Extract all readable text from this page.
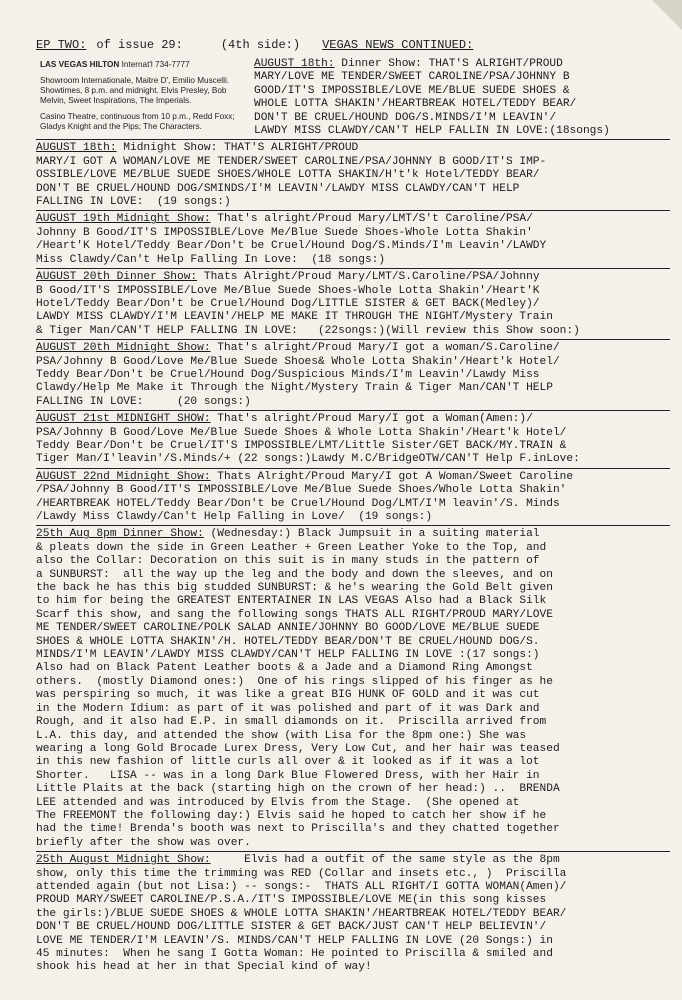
EP TWO: of issue 29:	(4th side:) VEGAS NEWS CONTINUED:

LAS VEGAS HILTON Internat'l 734-7777

Showroom Internationale, Maitre D', Emilio Muscelli. Showtimes, 8 p.m. and midnight. Elvis Presley, Bob Melvin, Sweet Inspirations, The Imperials.

Casino Theatre, continuous from 10 p.m., Redd Foxx; Gladys Knight and the Pips; The Characters.

AUGUST 18th: Dinner Show: THAT'S ALRIGHT/PROUD
MARY/LOVE ME TENDER/SWEET CAROLINE/PSA/JOHNNY B
GOOD/IT'S IMPOSSIBLE/LOVE ME/BLUE SUEDE SHOES &
WHOLE LOTTA SHAKIN'/HEARTBREAK HOTEL/TEDDY BEAR/
DON'T BE CRUEL/HOUND DOG/S.MINDS/I'M LEAVIN'/
LAWDY MISS CLAWDY/CAN'T HELP FALLIN IN LOVE:(18songs)
AUGUST 18th: Midnight Show: THAT'S ALRIGHT/PROUD
MARY/I GOT A WOMAN/LOVE ME TENDER/SWEET CAROLINE/PSA/JOHNNY B GOOD/IT'S IMP-
OSSIBLE/LOVE ME/BLUE SUEDE SHOES/WHOLE LOTTA SHAKIN/H't'k Hotel/TEDDY BEAR/
DON'T BE CRUEL/HOUND DOG/SMINDS/I'M LEAVIN'/LAWDY MISS CLAWDY/CAN'T HELP
FALLING IN LOVE:  (19 songs:)
AUGUST 19th Midnight Show: That's alright/Proud Mary/LMT/S't Caroline/PSA/
Johnny B Good/IT'S IMPOSSIBLE/Love Me/Blue Suede Shoes-Whole Lotta Shakin'
/Heart'K Hotel/Teddy Bear/Don't be Cruel/Hound Dog/S.Minds/I'm Leavin'/LAWDY
Miss Clawdy/Can't Help Falling In Love:  (18 songs:)
AUGUST 20th Dinner Show: Thats Alright/Proud Mary/LMT/S.Caroline/PSA/Johnny
B Good/IT'S IMPOSSIBLE/Love Me/Blue Suede Shoes-Whole Lotta Shakin'/Heart'K
Hotel/Teddy Bear/Don't be Cruel/Hound Dog/LITTLE SISTER & GET BACK(Medley)/
LAWDY MISS CLAWDY/I'M LEAVIN'/HELP ME MAKE IT THROUGH THE NIGHT/Mystery Train
& Tiger Man/CAN'T HELP FALLING IN LOVE:   (22songs:)(Will review this Show soon:)
AUGUST 20th Midnight Show: That's alright/Proud Mary/I got a woman/S.Caroline/
PSA/Johnny B Good/Love Me/Blue Suede Shoes& Whole Lotta Shakin'/Heart'k Hotel/
Teddy Bear/Don't be Cruel/Hound Dog/Suspicious Minds/I'm Leavin'/Lawdy Miss
Clawdy/Help Me Make it Through the Night/Mystery Train & Tiger Man/CAN'T HELP
FALLING IN LOVE:     (20 songs:)
AUGUST 21st MIDNIGHT SHOW: That's alright/Proud Mary/I got a Woman(Amen:)/
PSA/Johnny B Good/Love Me/Blue Suede Shoes & Whole Lotta Shakin'/Heart'k Hotel/
Teddy Bear/Don't be Cruel/IT'S IMPOSSIBLE/LMT/Little Sister/GET BACK/MY.TRAIN &
Tiger Man/I'leavin'/S.Minds/+ (22 songs:)Lawdy M.C/BridgeOTW/CAN'T Help F.inLove:
AUGUST 22nd Midnight Show: Thats Alright/Proud Mary/I got A Woman/Sweet Caroline
/PSA/Johnny B Good/IT'S IMPOSSIBLE/Love Me/Blue Suede Shoes/Whole Lotta Shakin'
/HEARTBREAK HOTEL/Teddy Bear/Don't be Cruel/Hound Dog/LMT/I'M leavin'/S. Minds
/Lawdy Miss Clawdy/Can't Help Falling in Love/  (19 songs:)
25th Aug 8pm Dinner Show: (Wednesday:) Black Jumpsuit in a suiting material
& pleats down the side in Green Leather + Green Leather Yoke to the Top, and
also the Collar: Decoration on this suit is in many studs in the pattern of
a SUNBURST:  all the way up the leg and the body and down the sleeves, and on
the back he has this big studded SUNBURST: & he's wearing the Gold Belt given
to him for being the GREATEST ENTERTAINER IN LAS VEGAS Also had a Black Silk
Scarf this show, and sang the following songs THATS ALL RIGHT/PROUD MARY/LOVE
ME TENDER/SWEET CAROLINE/POLK SALAD ANNIE/JOHNNY BO GOOD/LOVE ME/BLUE SUEDE
SHOES & WHOLE LOTTA SHAKIN'/H. HOTEL/TEDDY BEAR/DON'T BE CRUEL/HOUND DOG/S.
MINDS/I'M LEAVIN'/LAWDY MISS CLAWDY/CAN'T HELP FALLING IN LOVE :(17 songs:)
Also had on Black Patent Leather boots & a Jade and a Diamond Ring Amongst
others.  (mostly Diamond ones:)  One of his rings slipped of his finger as he
was perspiring so much, it was like a great BIG HUNK OF GOLD and it was cut
in the Modern Idium: as part of it was polished and part of it was Dark and
Rough, and it also had E.P. in small diamonds on it.  Priscilla arrived from
L.A. this day, and attended the show (with Lisa for the 8pm one:) She was
wearing a long Gold Brocade Lurex Dress, Very Low Cut, and her hair was teased
in this new fashion of little curls all over & it looked as if it was a lot
Shorter.   LISA -- was in a long Dark Blue Flowered Dress, with her Hair in
Little Plaits at the back (starting high on the crown of her head:) ..  BRENDA
LEE attended and was introduced by Elvis from the Stage.  (She opened at
The FREEMONT the following day:) Elvis said he hoped to catch her show if he
had the time! Brenda's booth was next to Priscilla's and they chatted together
briefly after the show was over.
25th August Midnight Show:	Elvis had a outfit of the same style as the 8pm
show, only this time the trimming was RED (Collar and insets etc., )  Priscilla
attended again (but not Lisa:) -- songs:-  THATS ALL RIGHT/I GOTTA WOMAN(Amen)/
PROUD MARY/SWEET CAROLINE/P.S.A./IT'S IMPOSSIBLE/LOVE ME(in this song kisses
the girls:)/BLUE SUEDE SHOES & WHOLE LOTTA SHAKIN'/HEARTBREAK HOTEL/TEDDY BEAR/
DON'T BE CRUEL/HOUND DOG/LITTLE SISTER & GET BACK/JUST CAN'T HELP BELIEVIN'/
LOVE ME TENDER/I'M LEAVIN'/S. MINDS/CAN'T HELP FALLING IN LOVE (20 Songs:) in
45 minutes:  When he sang I Gotta Woman: He pointed to Priscilla & smiled and
shook his head at her in that Special kind of way!
